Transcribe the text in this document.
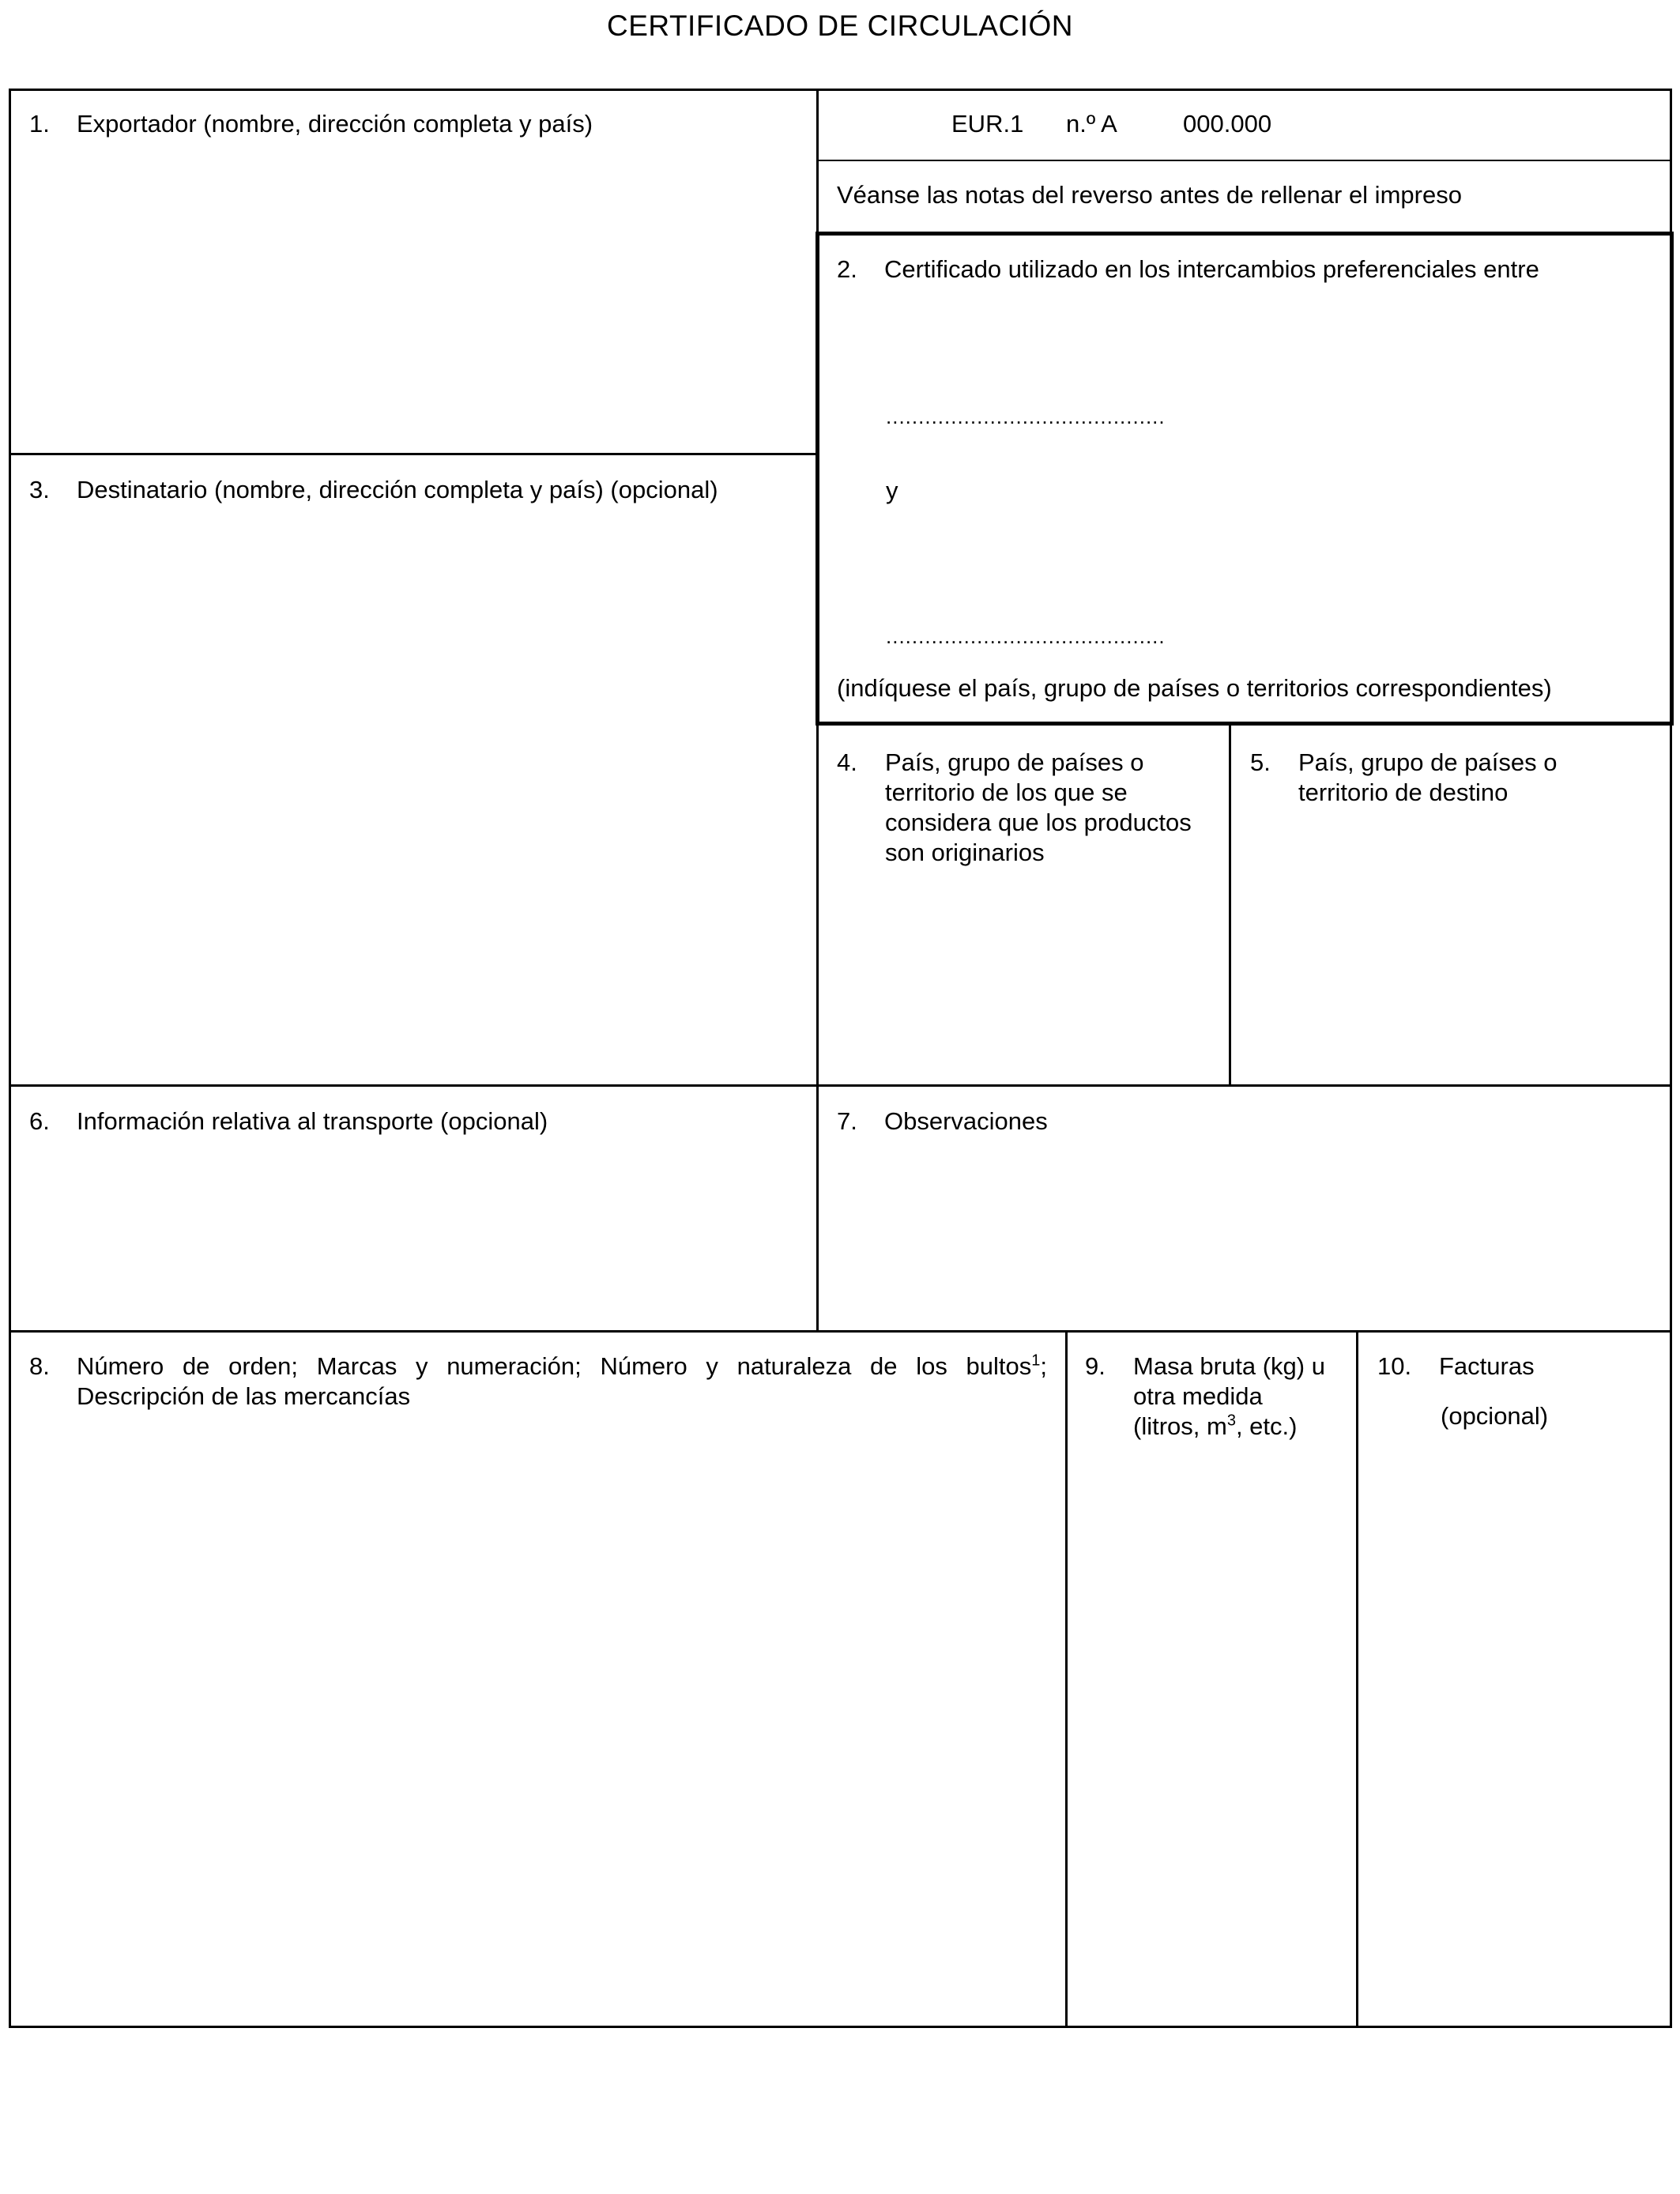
CERTIFICADO DE CIRCULACIÓN
EUR.1 n.º A	000.000
Véanse las notas del reverso antes de rellenar el impreso
1. Exportador (nombre, dirección completa y país)
2. Certificado utilizado en los intercambios preferenciales entre
...........................................
y
...........................................
(indíquese el país, grupo de países o territorios correspondientes)
3. Destinatario (nombre, dirección completa y país) (opcional)
4. País, grupo de países o territorio de los que se considera que los productos son originarios
5. País, grupo de países o territorio de destino
6. Información relativa al transporte (opcional)	7. Observaciones
8. Número de orden; Marcas y numeración; Número y naturaleza de los bultos$^1$; Descripción de las mercancías
9. Masa bruta (kg) u otra medida (litros, $m^3$, etc.)
10. Facturas
(opcional)
